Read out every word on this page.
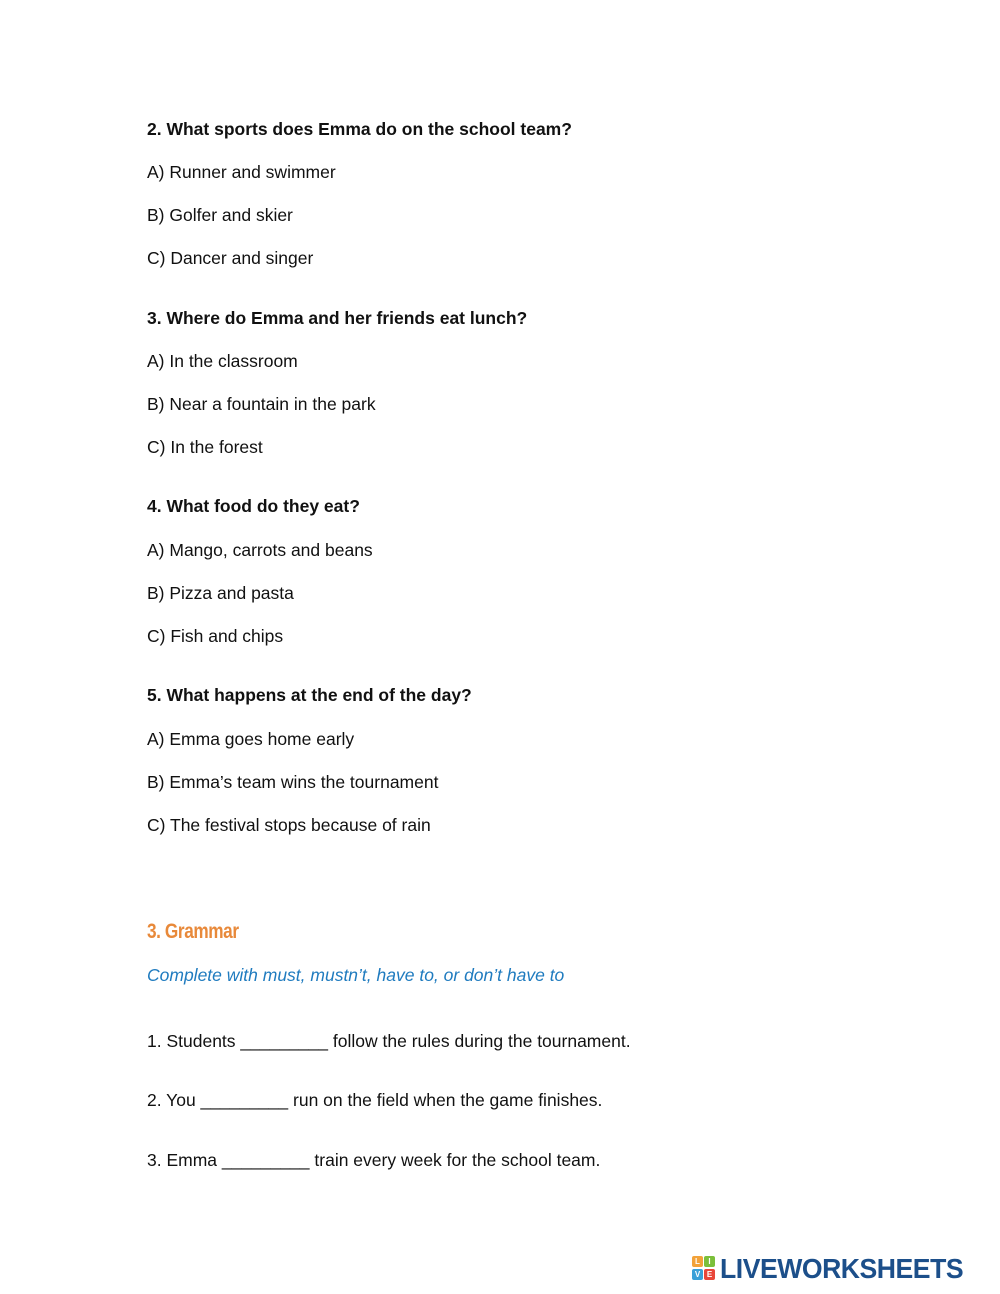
2. What sports does Emma do on the school team?
A) Runner and swimmer
B) Golfer and skier
C) Dancer and singer
3. Where do Emma and her friends eat lunch?
A) In the classroom
B) Near a fountain in the park
C) In the forest
4. What food do they eat?
A) Mango, carrots and beans
B) Pizza and pasta
C) Fish and chips
5. What happens at the end of the day?
A) Emma goes home early
B) Emma’s team wins the tournament
C) The festival stops because of rain
3. Grammar
Complete with must, mustn’t, have to, or don’t have to
1. Students _________ follow the rules during the tournament.
2. You _________ run on the field when the game finishes.
3. Emma _________ train every week for the school team.
L	I
V E LIVEWORKSHEETS
